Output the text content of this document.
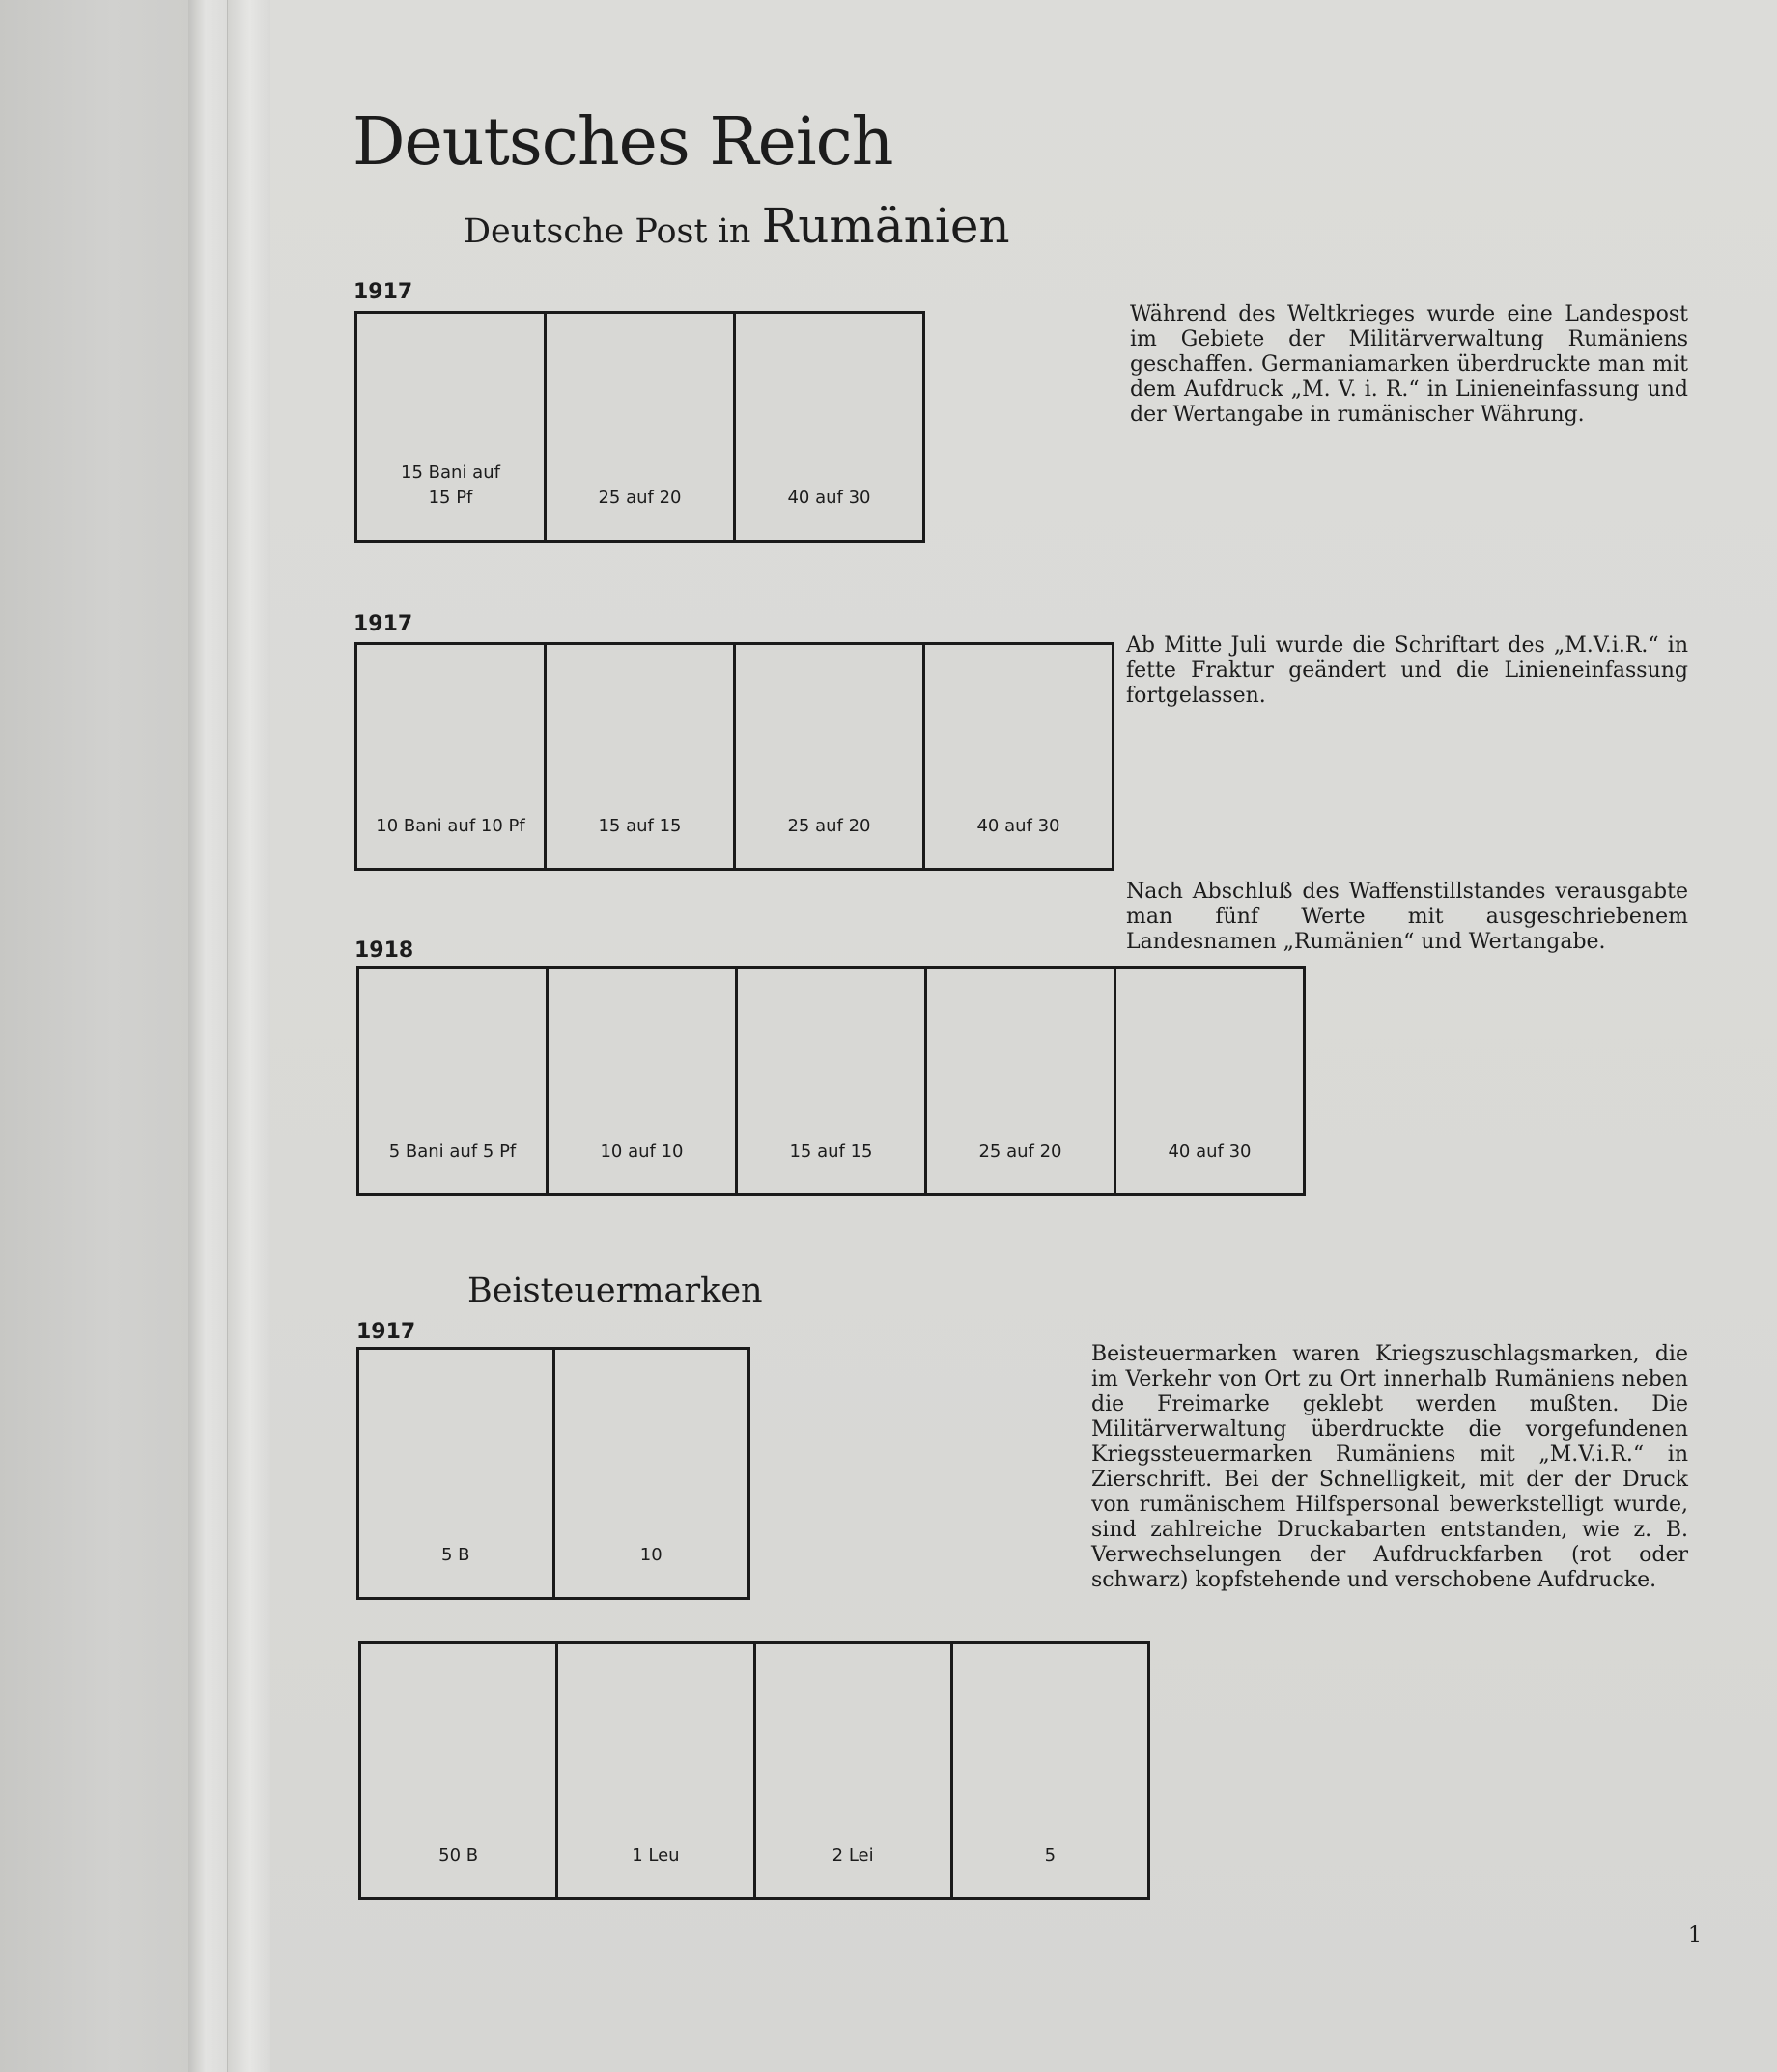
Deutsches Reich
Deutsche Post in Rumänien
1917
15 Bani auf
15 Pf	25 auf 20	40 auf 30
Während des Weltkrieges wurde eine Landespost im Gebiete der Militärverwaltung Rumäniens geschaffen. Germaniamarken überdruckte man mit dem Aufdruck „M. V. i. R.“ in Linieneinfassung und der Wertangabe in rumänischer Währung.
1917
10 Bani auf 10 Pf	15 auf 15	25 auf 20	40 auf 30
Ab Mitte Juli wurde die Schriftart des „M.V.i.R.“ in fette Fraktur geändert und die Linieneinfassung fortgelassen.
Nach Abschluß des Waffenstillstandes verausgabte man fünf Werte mit ausgeschriebenem Landesnamen „Rumänien“ und Wertangabe.
1918
5 Bani auf 5 Pf	10 auf 10	15 auf 15	25 auf 20	40 auf 30
Beisteuermarken
1917
5 B	10
Beisteuermarken waren Kriegszuschlagsmarken, die im Verkehr von Ort zu Ort innerhalb Rumäniens neben die Freimarke geklebt werden mußten. Die Militärverwaltung überdruckte die vorgefundenen Kriegssteuermarken Rumäniens mit „M.V.i.R.“ in Zierschrift. Bei der Schnelligkeit, mit der der Druck von rumänischem Hilfspersonal bewerkstelligt wurde, sind zahlreiche Druckabarten entstanden, wie z. B. Verwechselungen der Aufdruckfarben (rot oder schwarz) kopfstehende und verschobene Aufdrucke.
50 B	1 Leu	2 Lei	5
1
